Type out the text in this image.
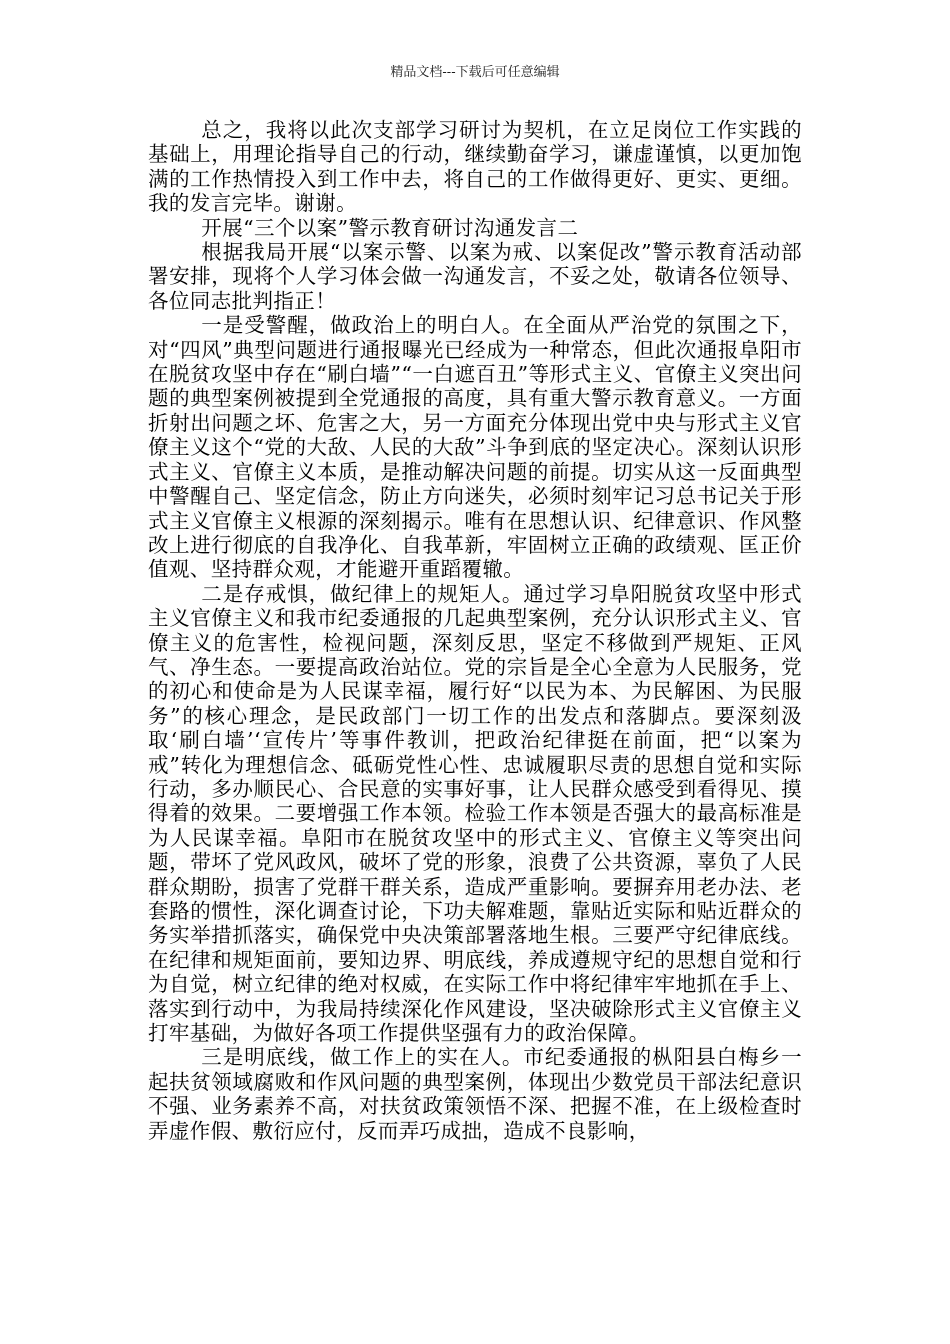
精品文档---下载后可任意编辑

总之，我将以此次支部学习研讨为契机，在立足岗位工作实践的基础上，用理论指导自己的行动，继续勤奋学习，谦虚谨慎，以更加饱满的工作热情投入到工作中去，将自己的工作做得更好、更实、更细。我的发言完毕。谢谢。

开展“三个以案”警示教育研讨沟通发言二

根据我局开展“以案示警、以案为戒、以案促改”警示教育活动部署安排，现将个人学习体会做一沟通发言，不妥之处，敬请各位领导、各位同志批判指正！

一是受警醒，做政治上的明白人。在全面从严治党的氛围之下，对“四风”典型问题进行通报曝光已经成为一种常态，但此次通报阜阳市在脱贫攻坚中存在“刷白墙”“一白遮百丑”等形式主义、官僚主义突出问题的典型案例被提到全党通报的高度，具有重大警示教育意义。一方面折射出问题之坏、危害之大，另一方面充分体现出党中央与形式主义官僚主义这个“党的大敌、人民的大敌”斗争到底的坚定决心。深刻认识形式主义、官僚主义本质，是推动解决问题的前提。切实从这一反面典型中警醒自己、坚定信念，防止方向迷失，必须时刻牢记习总书记关于形式主义官僚主义根源的深刻揭示。唯有在思想认识、纪律意识、作风整改上进行彻底的自我净化、自我革新，牢固树立正确的政绩观、匡正价值观、坚持群众观，才能避开重蹈覆辙。

二是存戒惧，做纪律上的规矩人。通过学习阜阳脱贫攻坚中形式主义官僚主义和我市纪委通报的几起典型案例，充分认识形式主义、官僚主义的危害性，检视问题，深刻反思，坚定不移做到严规矩、正风气、净生态。一要提高政治站位。党的宗旨是全心全意为人民服务，党的初心和使命是为人民谋幸福，履行好“以民为本、为民解困、为民服务”的核心理念，是民政部门一切工作的出发点和落脚点。要深刻汲取‘刷白墙’‘宣传片’等事件教训，把政治纪律挺在前面，把“以案为戒”转化为理想信念、砥砺党性心性、忠诚履职尽责的思想自觉和实际行动，多办顺民心、合民意的实事好事，让人民群众感受到看得见、摸得着的效果。二要增强工作本领。检验工作本领是否强大的最高标准是为人民谋幸福。阜阳市在脱贫攻坚中的形式主义、官僚主义等突出问题，带坏了党风政风，破坏了党的形象，浪费了公共资源，辜负了人民群众期盼，损害了党群干群关系，造成严重影响。要摒弃用老办法、老套路的惯性，深化调查讨论，下功夫解难题，靠贴近实际和贴近群众的务实举措抓落实，确保党中央决策部署落地生根。三要严守纪律底线。在纪律和规矩面前，要知边界、明底线，养成遵规守纪的思想自觉和行为自觉，树立纪律的绝对权威，在实际工作中将纪律牢牢地抓在手上、落实到行动中，为我局持续深化作风建设，坚决破除形式主义官僚主义打牢基础，为做好各项工作提供坚强有力的政治保障。

三是明底线，做工作上的实在人。市纪委通报的枞阳县白梅乡一起扶贫领域腐败和作风问题的典型案例，体现出少数党员干部法纪意识不强、业务素养不高，对扶贫政策领悟不深、把握不准，在上级检查时弄虚作假、敷衍应付，反而弄巧成拙，造成不良影响，
